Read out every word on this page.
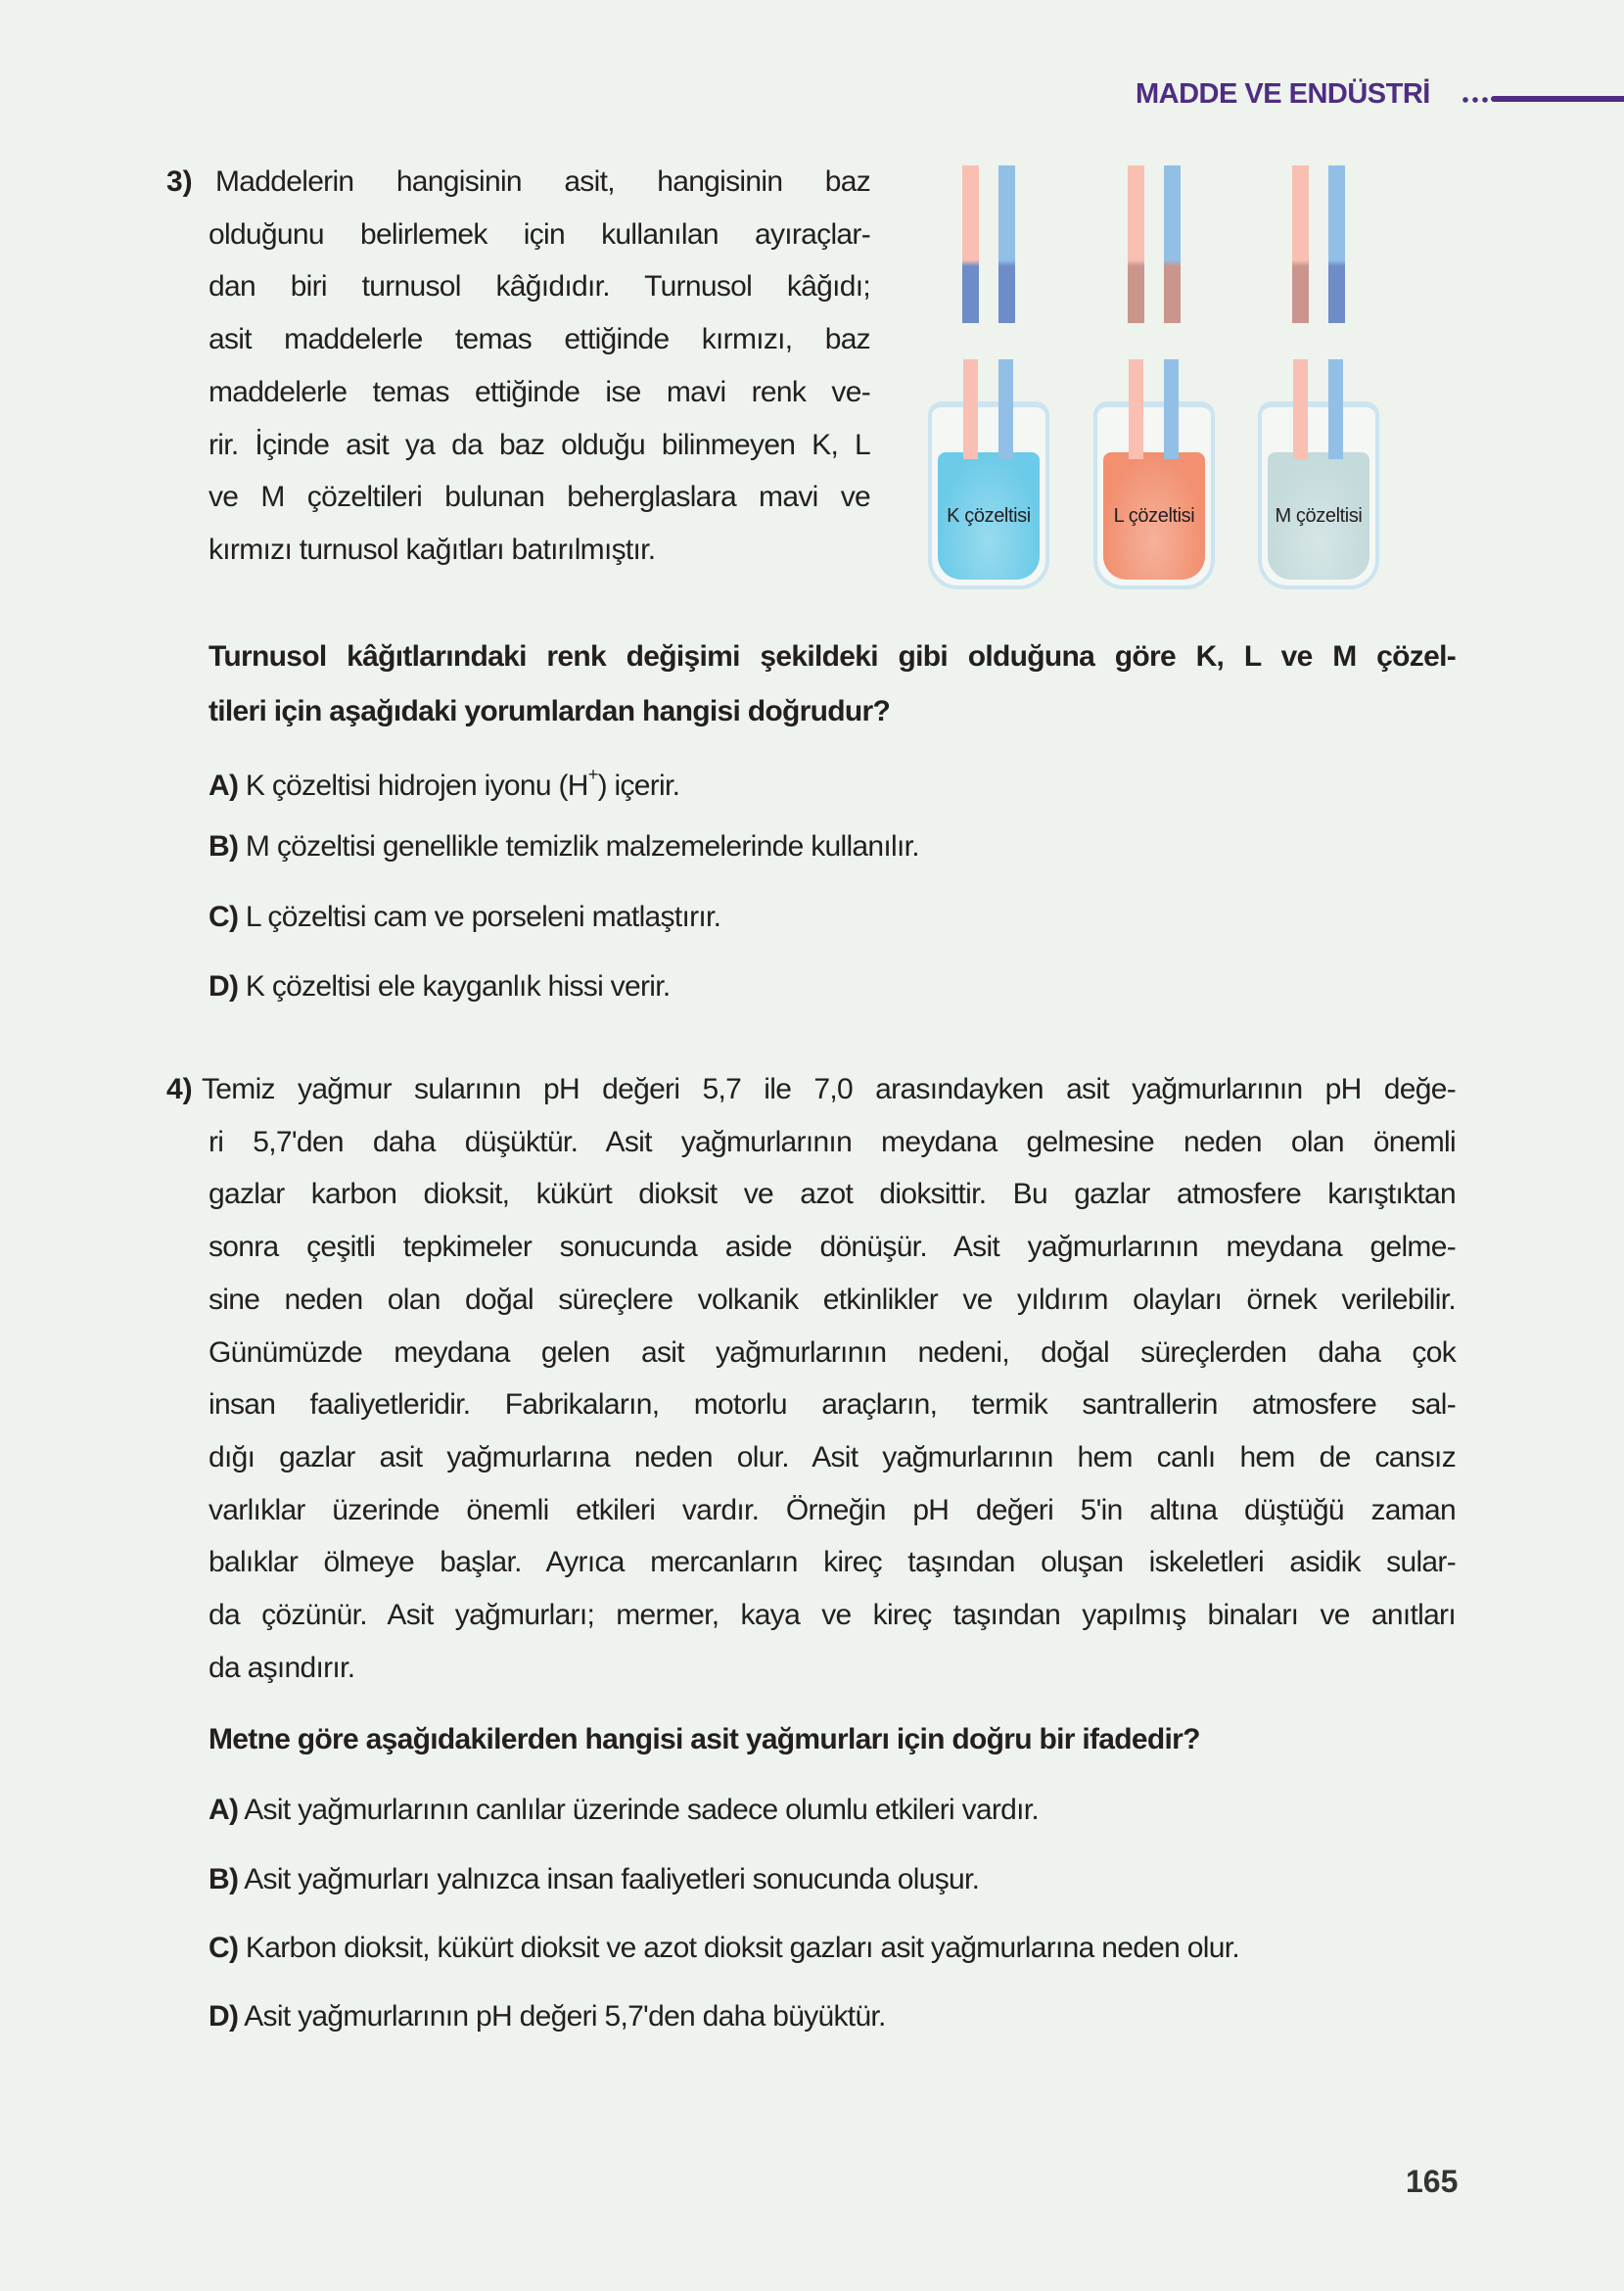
MADDE VE ENDÜSTRİ
3) Maddelerin hangisinin asit, hangisinin baz
olduğunu belirlemek için kullanılan ayıraçlar-
dan biri turnusol kâğıdıdır. Turnusol kâğıdı;
asit maddelerle temas ettiğinde kırmızı, baz
maddelerle temas ettiğinde ise mavi renk ve-
rir. İçinde asit ya da baz olduğu bilinmeyen K, L
ve M çözeltileri bulunan beherglaslara mavi ve
kırmızı turnusol kağıtları batırılmıştır.
K çözeltisi	L çözeltisi	M çözeltisi
Turnusol kâğıtlarındaki renk değişimi şekildeki gibi olduğuna göre K, L ve M çözel-
tileri için aşağıdaki yorumlardan hangisi doğrudur?
A) K çözeltisi hidrojen iyonu (H+) içerir.
B) M çözeltisi genellikle temizlik malzemelerinde kullanılır.
C) L çözeltisi cam ve porseleni matlaştırır.
D) K çözeltisi ele kayganlık hissi verir.
4) Temiz yağmur sularının pH değeri 5,7 ile 7,0 arasındayken asit yağmurlarının pH değe-
ri 5,7'den daha düşüktür. Asit yağmurlarının meydana gelmesine neden olan önemli
gazlar karbon dioksit, kükürt dioksit ve azot dioksittir. Bu gazlar atmosfere karıştıktan
sonra çeşitli tepkimeler sonucunda aside dönüşür. Asit yağmurlarının meydana gelme-
sine neden olan doğal süreçlere volkanik etkinlikler ve yıldırım olayları örnek verilebilir.
Günümüzde meydana gelen asit yağmurlarının nedeni, doğal süreçlerden daha çok
insan faaliyetleridir. Fabrikaların, motorlu araçların, termik santrallerin atmosfere sal-
dığı gazlar asit yağmurlarına neden olur. Asit yağmurlarının hem canlı hem de cansız
varlıklar üzerinde önemli etkileri vardır. Örneğin pH değeri 5'in altına düştüğü zaman
balıklar ölmeye başlar. Ayrıca mercanların kireç taşından oluşan iskeletleri asidik sular-
da çözünür. Asit yağmurları; mermer, kaya ve kireç taşından yapılmış binaları ve anıtları
da aşındırır.
Metne göre aşağıdakilerden hangisi asit yağmurları için doğru bir ifadedir?
A) Asit yağmurlarının canlılar üzerinde sadece olumlu etkileri vardır.
B) Asit yağmurları yalnızca insan faaliyetleri sonucunda oluşur.
C) Karbon dioksit, kükürt dioksit ve azot dioksit gazları asit yağmurlarına neden olur.
D) Asit yağmurlarının pH değeri 5,7'den daha büyüktür.
165
